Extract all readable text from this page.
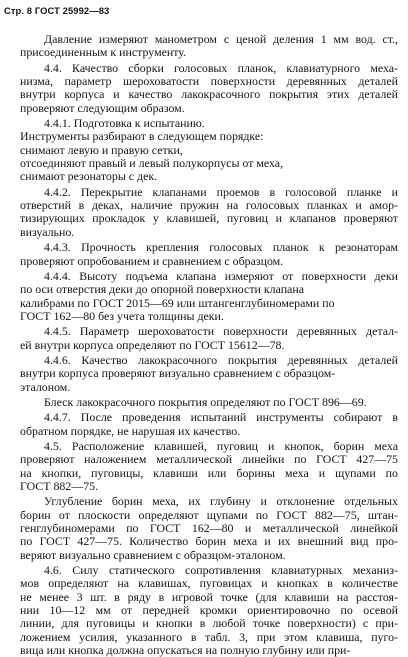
Стр. 8 ГОСТ 25992—83
Давление измеряют манометром с ценой деления 1 мм вод. ст.,
присоединенным к инструменту.
4.4. Качество сборки голосовых планок, клавиатурного меха-
низма, параметр шероховатости поверхности деревянных деталей
внутри корпуса и качество лакокрасочного покрытия этих деталей
проверяют следующим образом.
4.4.1. Подготовка к испытанию.
Инструменты разбирают в следующем порядке:
снимают левую и правую сетки,
отсоединяют правый и левый полукорпусы от меха,
снимают резонаторы с дек.
4.4.2. Перекрытие клапанами проемов в голосовой планке и
отверстий в деках, наличие пружин на голосовых планках и амор-
тизирующих прокладок у клавишей, пуговиц и клапанов проверяют
визуально.
4.4.3. Прочность крепления голосовых планок к резонаторам
проверяют опробованием и сравнением с образцом.
4.4.4. Высоту подъема клапана измеряют от поверхности деки
по оси отверстия деки до опорной поверхности клапана
калибрами по ГОСТ 2015—69 или штангенглубиномерами по
ГОСТ 162—80 без учета толщины деки.
4.4.5. Параметр шероховатости поверхности деревянных детал-
ей внутри корпуса определяют по ГОСТ 15612—78.
4.4.6. Качество лакокрасочного покрытия деревянных деталей
внутри корпуса проверяют визуально сравнением с образцом-
эталоном.
Блеск лакокрасочного покрытия определяют по ГОСТ 896—69.
4.4.7. После проведения испытаний инструменты собирают в
обратном порядке, не нарушая их качество.
4.5. Расположение клавишей, пуговиц и кнопок, борин меха
проверяют наложением металлической линейки по ГОСТ 427—75
на кнопки, пуговицы, клавиши или борины меха и щупами по
ГОСТ 882—75.
Углубление борин меха, их глубину и отклонение отдельных
борин от плоскости определяют щупами по ГОСТ 882—75, штан-
генглубиномерами по ГОСТ 162—80 и металлической линейкой
по ГОСТ 427—75. Количество борин меха и их внешний вид про-
веряют визуально сравнением с образцом-эталоном.
4.6. Силу статического сопротивления клавиатурных механиз-
мов определяют на клавишах, пуговицах и кнопках в количестве
не менее 3 шт. в ряду в игровой точке (для клавиши на расстоя-
нии 10—12 мм от передней кромки ориентировочно по осевой
линии, для пуговицы и кнопки в любой точке поверхности) с при-
ложением усилия, указанного в табл. 3, при этом клавиша, пуго-
вица или кнопка должна опускаться на полную глубину или при-
